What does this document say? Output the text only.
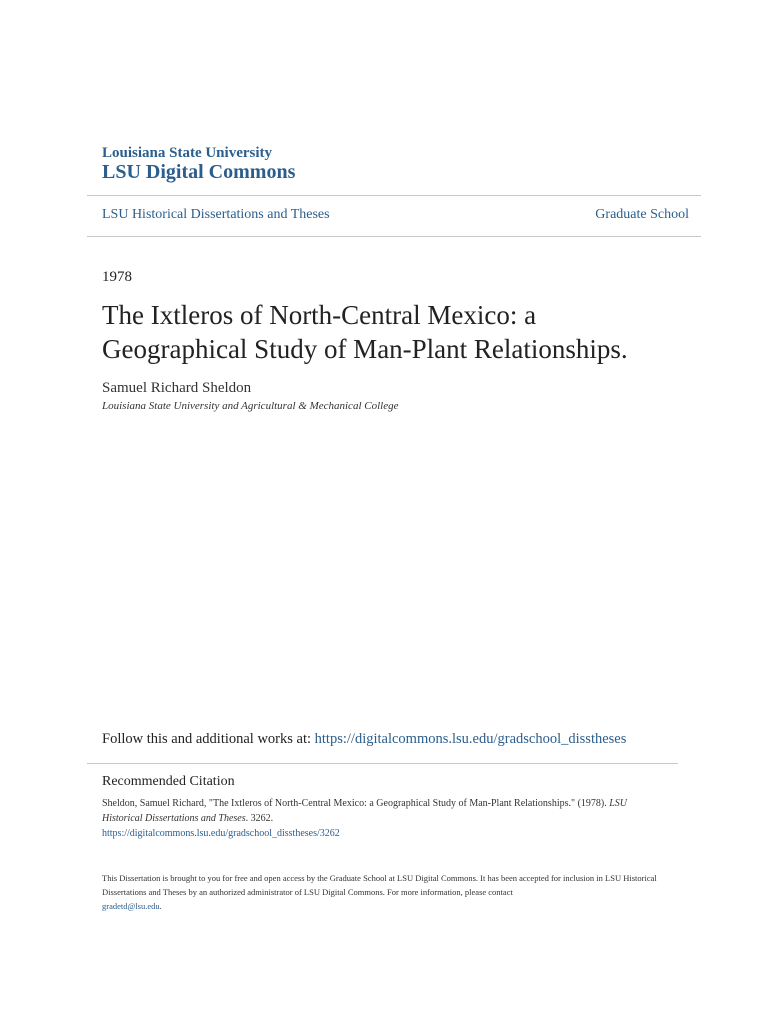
Louisiana State University
LSU Digital Commons
LSU Historical Dissertations and Theses	Graduate School
1978
The Ixtleros of North-Central Mexico: a
Geographical Study of Man-Plant Relationships.
Samuel Richard Sheldon
Louisiana State University and Agricultural & Mechanical College
Follow this and additional works at: https://digitalcommons.lsu.edu/gradschool_disstheses
Recommended Citation
Sheldon, Samuel Richard, "The Ixtleros of North-Central Mexico: a Geographical Study of Man-Plant Relationships." (1978). LSU Historical Dissertations and Theses. 3262.
https://digitalcommons.lsu.edu/gradschool_disstheses/3262
This Dissertation is brought to you for free and open access by the Graduate School at LSU Digital Commons. It has been accepted for inclusion in LSU Historical Dissertations and Theses by an authorized administrator of LSU Digital Commons. For more information, please contact
gradetd@lsu.edu.
